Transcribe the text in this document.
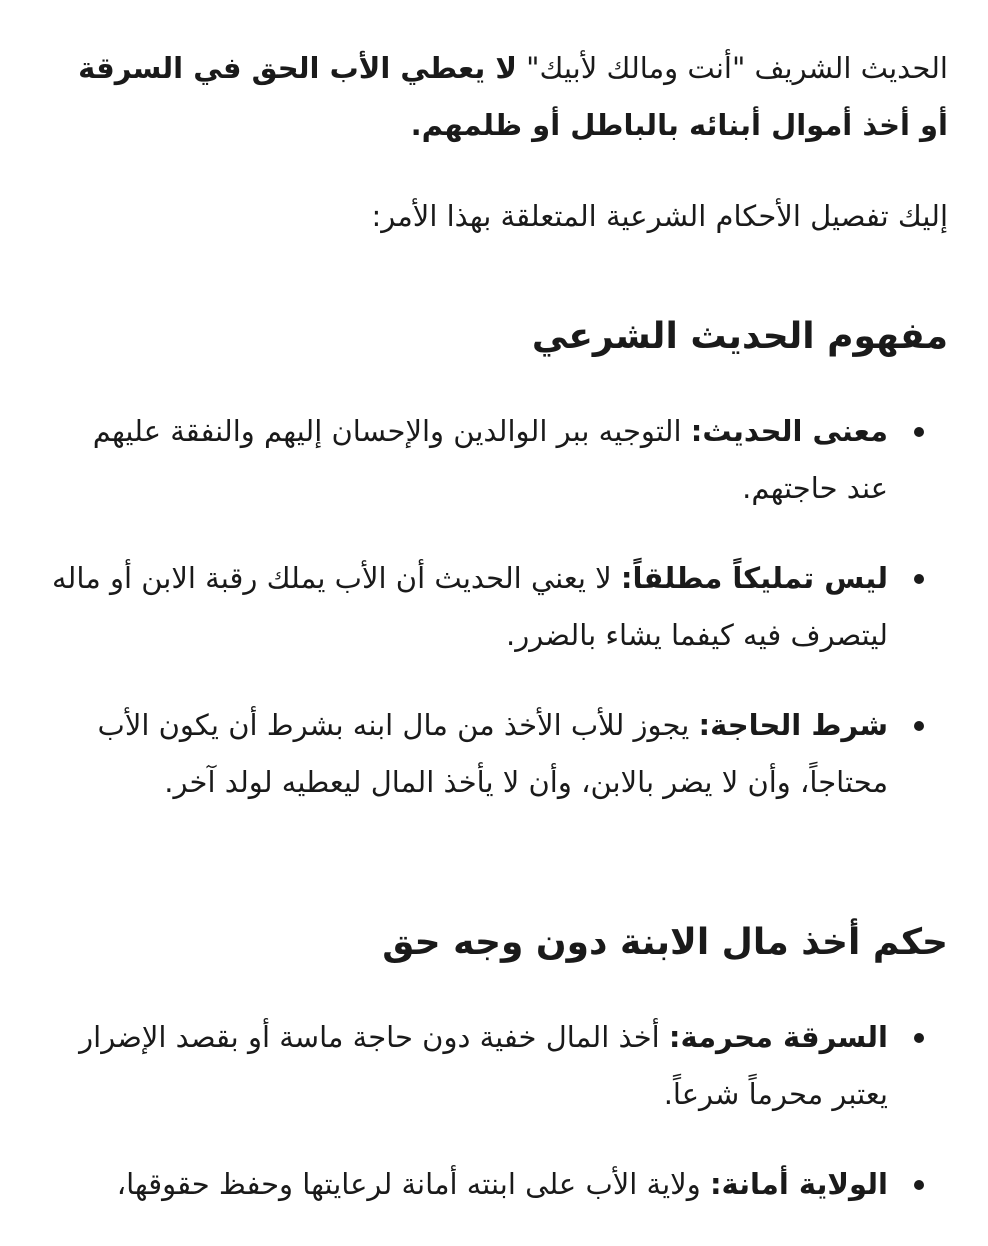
الحديث الشريف "أنت ومالك لأبيك" لا يعطي الأب الحق في السرقة أو أخذ أموال أبنائه بالباطل أو ظلمهم.

إليك تفصيل الأحكام الشرعية المتعلقة بهذا الأمر:

مفهوم الحديث الشرعي
معنى الحديث: التوجيه ببر الوالدين والإحسان إليهم والنفقة عليهم عند حاجتهم.
ليس تمليكاً مطلقاً: لا يعني الحديث أن الأب يملك رقبة الابن أو ماله ليتصرف فيه كيفما يشاء بالضرر.
شرط الحاجة: يجوز للأب الأخذ من مال ابنه بشرط أن يكون الأب محتاجاً، وأن لا يضر بالابن، وأن لا يأخذ المال ليعطيه لولد آخر.
حكم أخذ مال الابنة دون وجه حق
السرقة محرمة: أخذ المال خفية دون حاجة ماسة أو بقصد الإضرار يعتبر محرماً شرعاً.
الولاية أمانة: ولاية الأب على ابنته أمانة لرعايتها وحفظ حقوقها،
